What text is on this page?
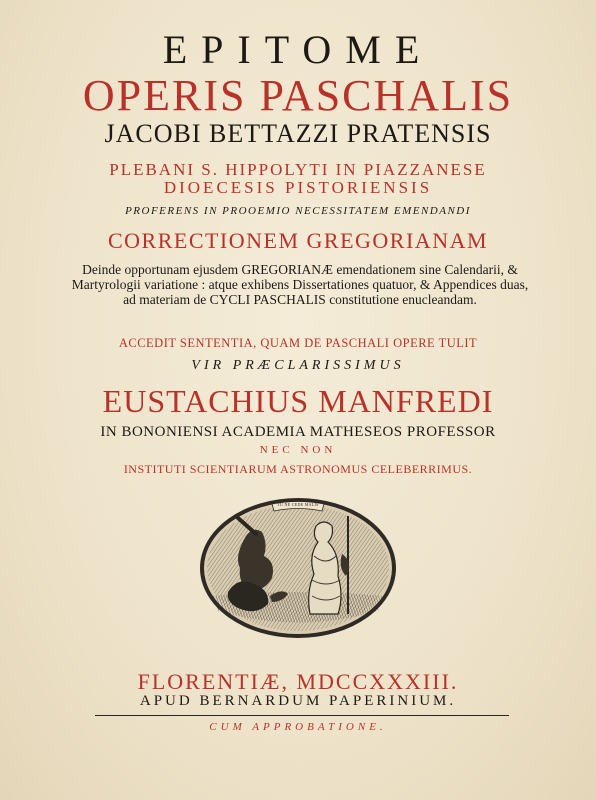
EPITOME
OPERIS PASCHALIS
JACOBI BETTAZZI PRATENSIS
PLEBANI S. HIPPOLYTI IN PIAZZANESE
DIOECESIS PISTORIENSIS
PROFERENS IN PROOEMIO NECESSITATEM EMENDANDI
CORRECTIONEM GREGORIANAM
Deinde opportunam ejusdem GREGORIANÆ emendationem sine Calendarii, & Martyrologii variatione : atque exhibens Dissertationes quatuor, & Appendices duas, ad materiam de CYCLI PASCHALIS constitutione enucleandam.
ACCEDIT SENTENTIA, QUAM DE PASCHALI OPERE TULIT
VIR PRÆCLARISSIMUS
EUSTACHIUS MANFREDI
IN BONONIENSI ACADEMIA MATHESEOS PROFESSOR
NEC NON
INSTITUTI SCIENTIARUM ASTRONOMUS CELEBERRIMUS.
TU NE CEDE MALIS
FLORENTIÆ, MDCCXXXIII.
APUD BERNARDUM PAPERINIUM.
CUM APPROBATIONE.
